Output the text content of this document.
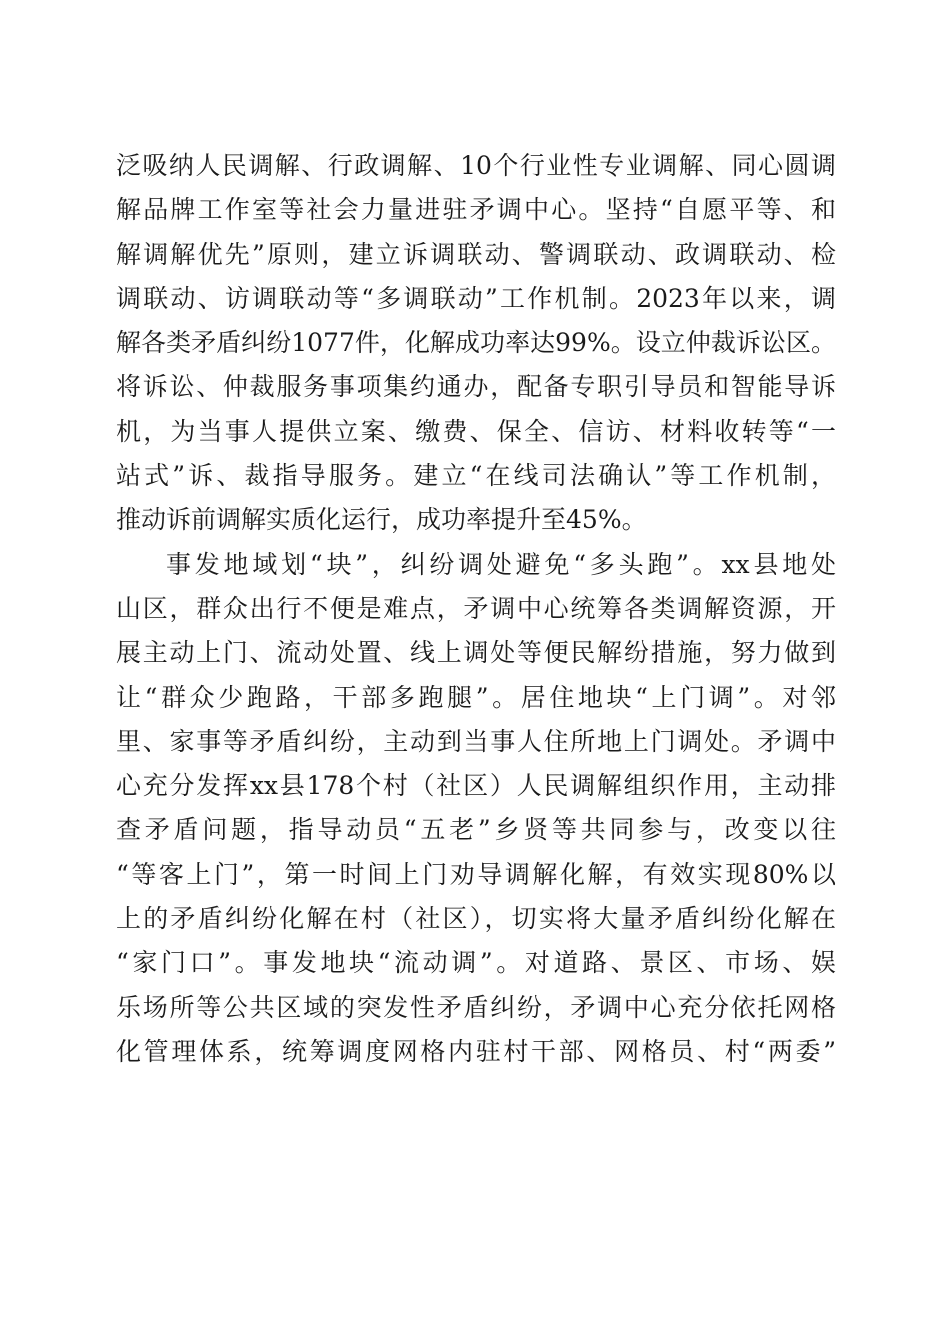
泛吸纳人民调解、行政调解、10个行业性专业调解、同心圆调
解品牌工作室等社会力量进驻矛调中心。坚持“自愿平等、和
解调解优先”原则，建立诉调联动、警调联动、政调联动、检
调联动、访调联动等“多调联动”工作机制。2023年以来，调
解各类矛盾纠纷1077件，化解成功率达99%。设立仲裁诉讼区。
将诉讼、仲裁服务事项集约通办，配备专职引导员和智能导诉
机，为当事人提供立案、缴费、保全、信访、材料收转等“一
站式”诉、裁指导服务。建立“在线司法确认”等工作机制，
推动诉前调解实质化运行，成功率提升至45%。
事发地域划“块”，纠纷调处避免“多头跑”。xx县地处
山区，群众出行不便是难点，矛调中心统筹各类调解资源，开
展主动上门、流动处置、线上调处等便民解纷措施，努力做到
让“群众少跑路，干部多跑腿”。居住地块“上门调”。对邻
里、家事等矛盾纠纷，主动到当事人住所地上门调处。矛调中
心充分发挥xx县178个村（社区）人民调解组织作用，主动排
查矛盾问题，指导动员“五老”乡贤等共同参与，改变以往
“等客上门”，第一时间上门劝导调解化解，有效实现80%以
上的矛盾纠纷化解在村（社区），切实将大量矛盾纠纷化解在
“家门口”。事发地块“流动调”。对道路、景区、市场、娱
乐场所等公共区域的突发性矛盾纠纷，矛调中心充分依托网格
化管理体系，统筹调度网格内驻村干部、网格员、村“两委”
